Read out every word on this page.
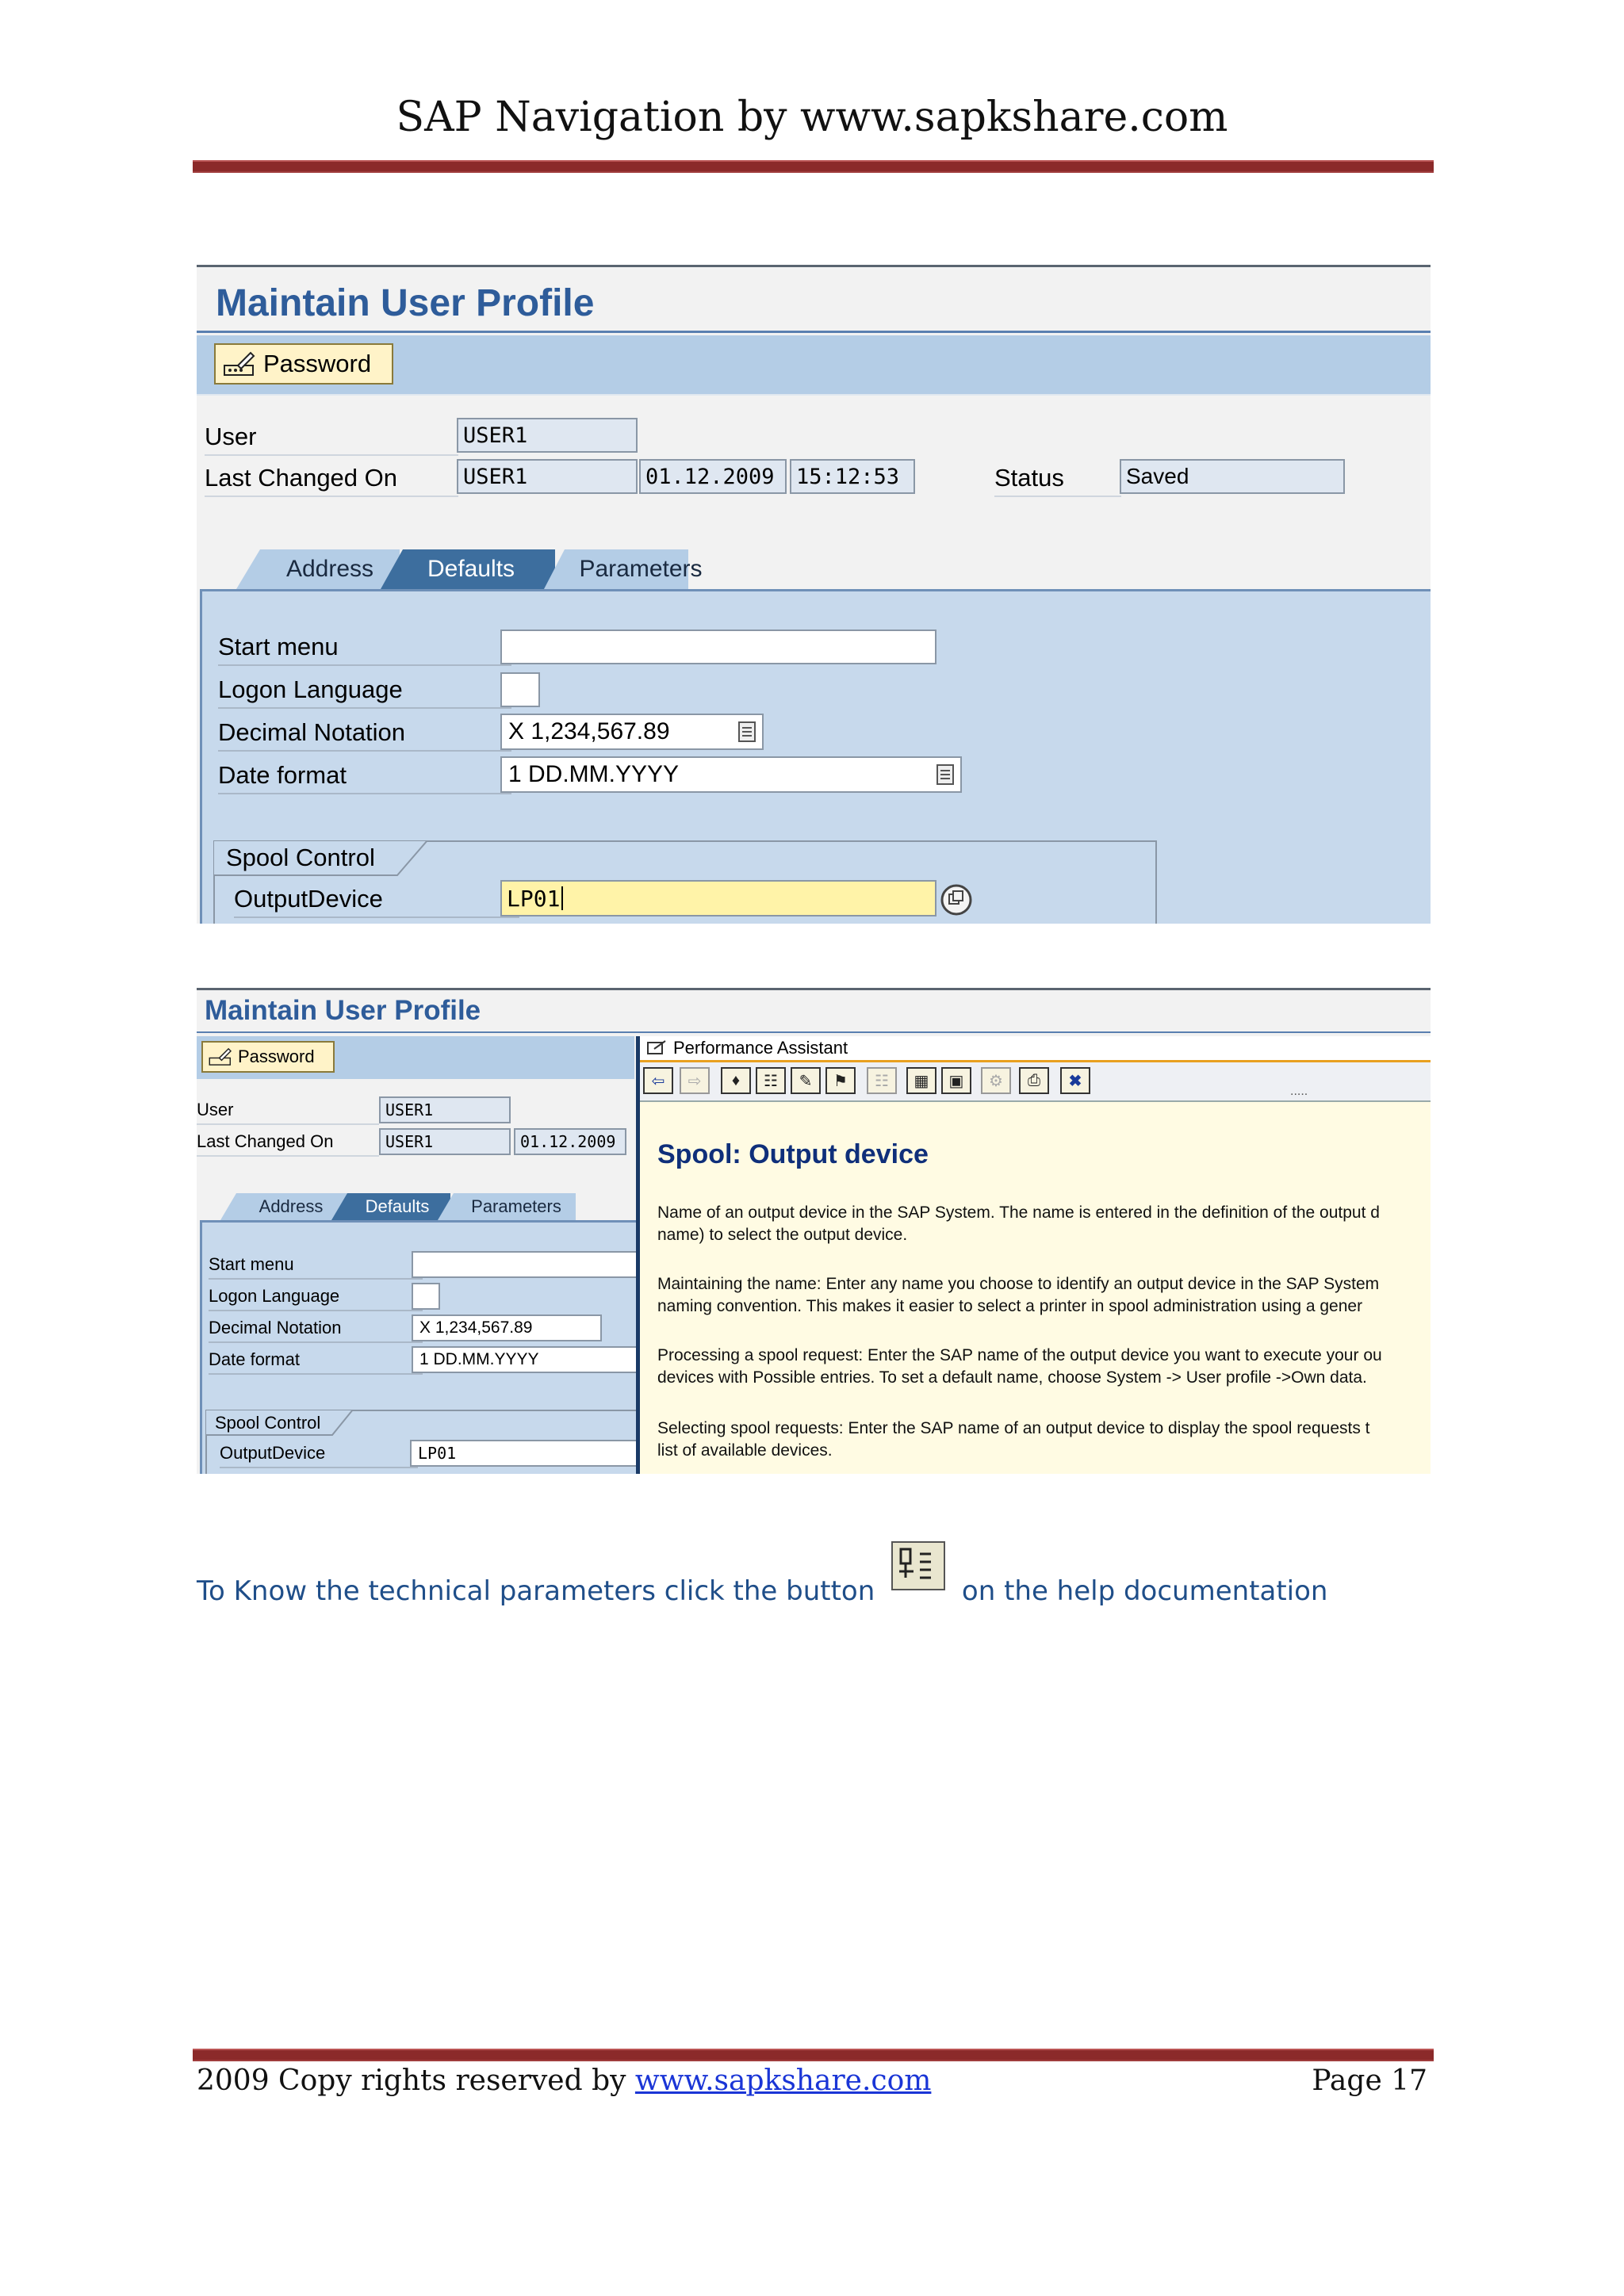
SAP Navigation by www.sapkshare.com
Maintain User Profile
Password
User	USER1
Last Changed On	USER1	01.12.2009	15:12:53	Status	Saved
Address	Defaults	Parameters
Start menu
Logon Language
Decimal Notation	X 1,234,567.89
Date format	1 DD.MM.YYYY
Spool Control
OutputDevice	LP01
Maintain User Profile
Password
User	USER1
Last Changed On	USER1	01.12.2009
Address	Defaults	Parameters
Start menu
Logon Language
Decimal Notation	X 1,234,567.89
Date format	1 DD.MM.YYYY
Spool Control
OutputDevice	LP01
Performance Assistant
⇦	⇨	♦	☷	✎	⚑	☷	▦	▣	⚙	⎙	✖
.....
Spool: Output device
Name of an output device in the SAP System. The name is entered in the definition of the output d
name) to select the output device.
Maintaining the name: Enter any name you choose to identify an output device in the SAP System
naming convention. This makes it easier to select a printer in spool administration using a gener
Processing a spool request: Enter the SAP name of the output device you want to execute your ou
devices with Possible entries. To set a default name, choose System -> User profile ->Own data.
Selecting spool requests: Enter the SAP name of an output device to display the spool requests t
list of available devices.
To Know the technical parameters click the button	on the help documentation
2009 Copy rights reserved by www.sapkshare.com	Page 17
